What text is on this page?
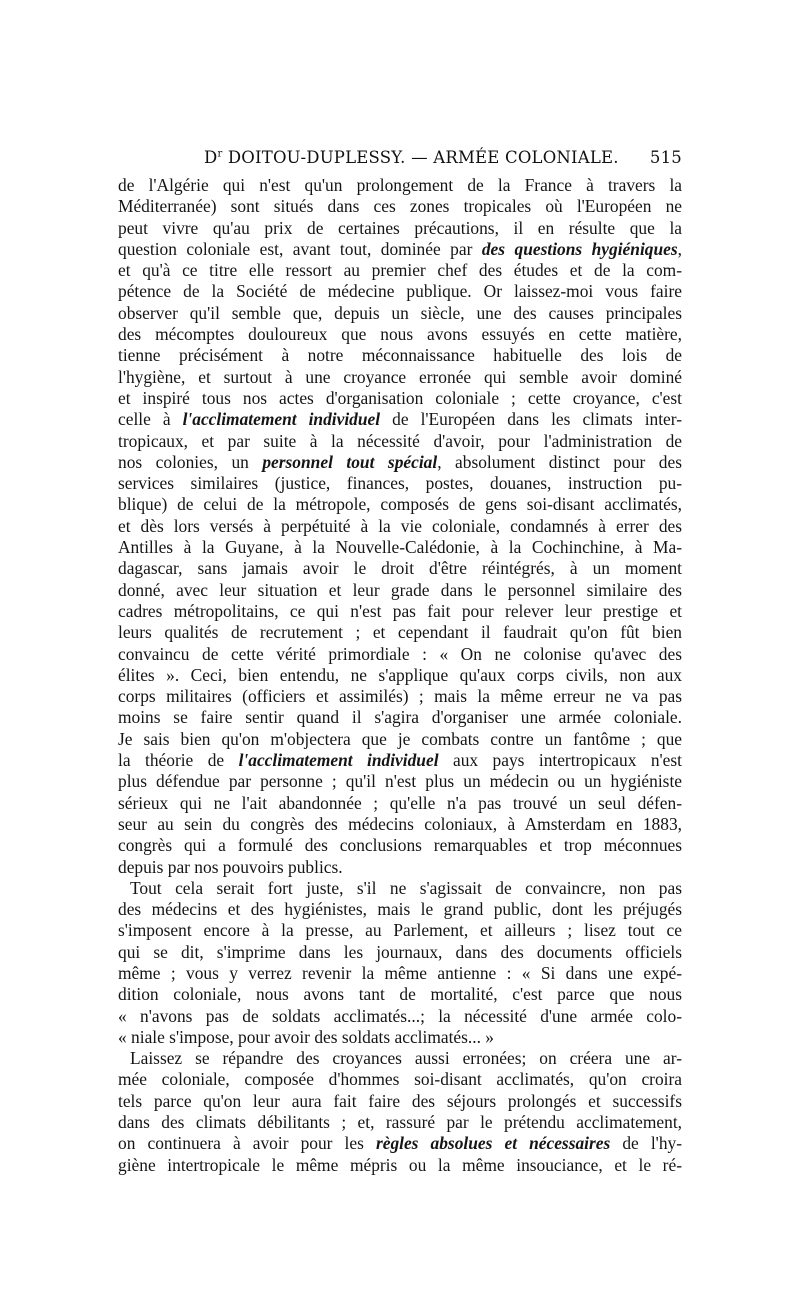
$D^r$ DOITOU-DUPLESSY. — ARMÉE COLONIALE. 515
de l'Algérie qui n'est qu'un prolongement de la France à travers la
Méditerranée) sont situés dans ces zones tropicales où l'Européen ne
peut vivre qu'au prix de certaines précautions, il en résulte que la
question coloniale est, avant tout, dominée par des questions hygiéniques,
et qu'à ce titre elle ressort au premier chef des études et de la com-
pétence de la Société de médecine publique. Or laissez-moi vous faire
observer qu'il semble que, depuis un siècle, une des causes principales
des mécomptes douloureux que nous avons essuyés en cette matière,
tienne précisément à notre méconnaissance habituelle des lois de
l'hygiène, et surtout à une croyance erronée qui semble avoir dominé
et inspiré tous nos actes d'organisation coloniale ; cette croyance, c'est
celle à l'acclimatement individuel de l'Européen dans les climats inter-
tropicaux, et par suite à la nécessité d'avoir, pour l'administration de
nos colonies, un personnel tout spécial, absolument distinct pour des
services similaires (justice, finances, postes, douanes, instruction pu-
blique) de celui de la métropole, composés de gens soi-disant acclimatés,
et dès lors versés à perpétuité à la vie coloniale, condamnés à errer des
Antilles à la Guyane, à la Nouvelle-Calédonie, à la Cochinchine, à Ma-
dagascar, sans jamais avoir le droit d'être réintégrés, à un moment
donné, avec leur situation et leur grade dans le personnel similaire des
cadres métropolitains, ce qui n'est pas fait pour relever leur prestige et
leurs qualités de recrutement ; et cependant il faudrait qu'on fût bien
convaincu de cette vérité primordiale : « On ne colonise qu'avec des
élites ». Ceci, bien entendu, ne s'applique qu'aux corps civils, non aux
corps militaires (officiers et assimilés) ; mais la même erreur ne va pas
moins se faire sentir quand il s'agira d'organiser une armée coloniale.
Je sais bien qu'on m'objectera que je combats contre un fantôme ; que
la théorie de l'acclimatement individuel aux pays intertropicaux n'est
plus défendue par personne ; qu'il n'est plus un médecin ou un hygiéniste
sérieux qui ne l'ait abandonnée ; qu'elle n'a pas trouvé un seul défen-
seur au sein du congrès des médecins coloniaux, à Amsterdam en 1883,
congrès qui a formulé des conclusions remarquables et trop méconnues
depuis par nos pouvoirs publics.
Tout cela serait fort juste, s'il ne s'agissait de convaincre, non pas
des médecins et des hygiénistes, mais le grand public, dont les préjugés
s'imposent encore à la presse, au Parlement, et ailleurs ; lisez tout ce
qui se dit, s'imprime dans les journaux, dans des documents officiels
même ; vous y verrez revenir la même antienne : « Si dans une expé-
dition coloniale, nous avons tant de mortalité, c'est parce que nous
« n'avons pas de soldats acclimatés...; la nécessité d'une armée colo-
« niale s'impose, pour avoir des soldats acclimatés... »
Laissez se répandre des croyances aussi erronées; on créera une ar-
mée coloniale, composée d'hommes soi-disant acclimatés, qu'on croira
tels parce qu'on leur aura fait faire des séjours prolongés et successifs
dans des climats débilitants ; et, rassuré par le prétendu acclimatement,
on continuera à avoir pour les règles absolues et nécessaires de l'hy-
giène intertropicale le même mépris ou la même insouciance, et le ré-
